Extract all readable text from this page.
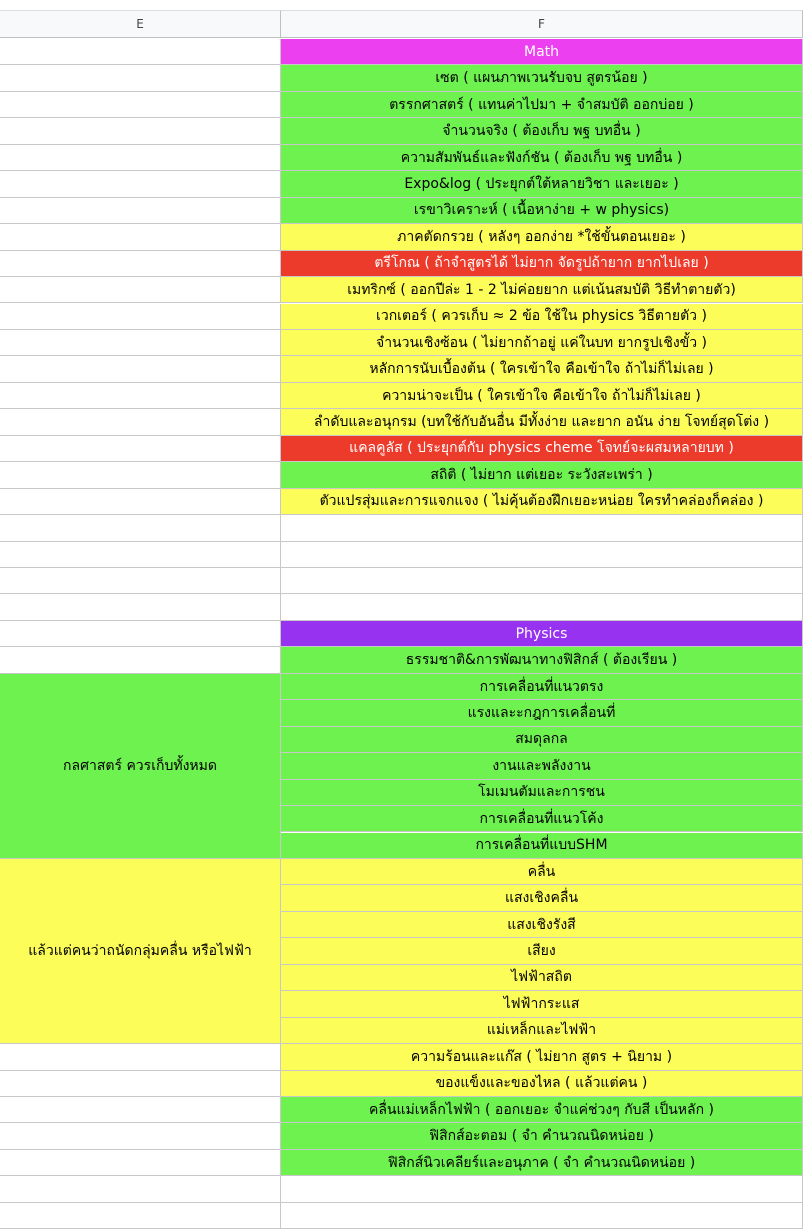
E	F
Math
เซต ( แผนภาพเวนรับจบ สูตรน้อย )
ตรรกศาสตร์ ( แทนค่าไปมา + จำสมบัติ ออกบ่อย )
จำนวนจริง ( ต้องเก็บ พฐ บทอื่น )
ความสัมพันธ์และฟังก์ชัน ( ต้องเก็บ พฐ บทอื่น )
Expo&log ( ประยุกต์ใต้หลายวิชา และเยอะ )
เรขาวิเคราะห์ ( เนื้อหาง่าย + w physics)
ภาคตัดกรวย ( หลังๆ ออกง่าย *ใช้ขั้นตอนเยอะ )
ตรีโกณ ( ถ้าจำสูตรได้ ไม่ยาก จัดรูปถ้ายาก ยากไปเลย )
เมทริกซ์ ( ออกปีล่ะ 1 - 2 ไม่ค่อยยาก แต่เน้นสมบัติ วิธีทำตายตัว)
เวกเตอร์ ( ควรเก็บ ≈ 2 ข้อ ใช้ใน physics วิธีตายตัว )
จำนวนเชิงซ้อน ( ไม่ยากถ้าอยู่ แค่ในบท ยากรูปเชิงขั้ว )
หลักการนับเบื้องต้น ( ใครเข้าใจ คือเข้าใจ ถ้าไม่ก็ไม่เลย )
ความน่าจะเป็น ( ใครเข้าใจ คือเข้าใจ ถ้าไม่ก็ไม่เลย )
ลำดับและอนุกรม (บทใช้กับอันอื่น มีทั้งง่าย และยาก อนัน ง่าย โจทย์สุดโต่ง )
แคลคูลัส ( ประยุกต์กับ physics cheme โจทย์จะผสมหลายบท )
สถิติ ( ไม่ยาก แต่เยอะ ระวังสะเพร่า )
ตัวแปรสุ่มและการแจกแจง ( ไม่คุ้นต้องฝึกเยอะหน่อย ใครทำคล่องก็คล่อง )
Physics
ธรรมชาติ&การพัฒนาทางฟิสิกส์ ( ต้องเรียน )
การเคลื่อนที่แนวตรง
แรงและะกฎการเคลื่อนที่
สมดุลกล
งานและพลังงาน
โมเมนตัมและการชน
การเคลื่อนที่แนวโค้ง
การเคลื่อนที่แบบSHM
คลื่น
แสงเชิงคลื่น
แสงเชิงรังสี
เสียง
ไฟฟ้าสถิต
ไฟฟ้ากระแส
แม่เหล็กและไฟฟ้า
ความร้อนและแก๊ส ( ไม่ยาก สูตร + นิยาม )
ของแข็งและของไหล ( แล้วแต่คน )
คลื่นแม่เหล็กไฟฟ้า ( ออกเยอะ จำแค่ช่วงๆ กับสี เป็นหลัก )
ฟิสิกส์อะตอม ( จำ คำนวณนิดหน่อย )
ฟิสิกส์นิวเคลียร์และอนุภาค ( จำ คำนวณนิดหน่อย )
กลศาสตร์ ควรเก็บทั้งหมด
แล้วแต่คนว่าถนัดกลุ่มคลื่น หรือไฟฟ้า
